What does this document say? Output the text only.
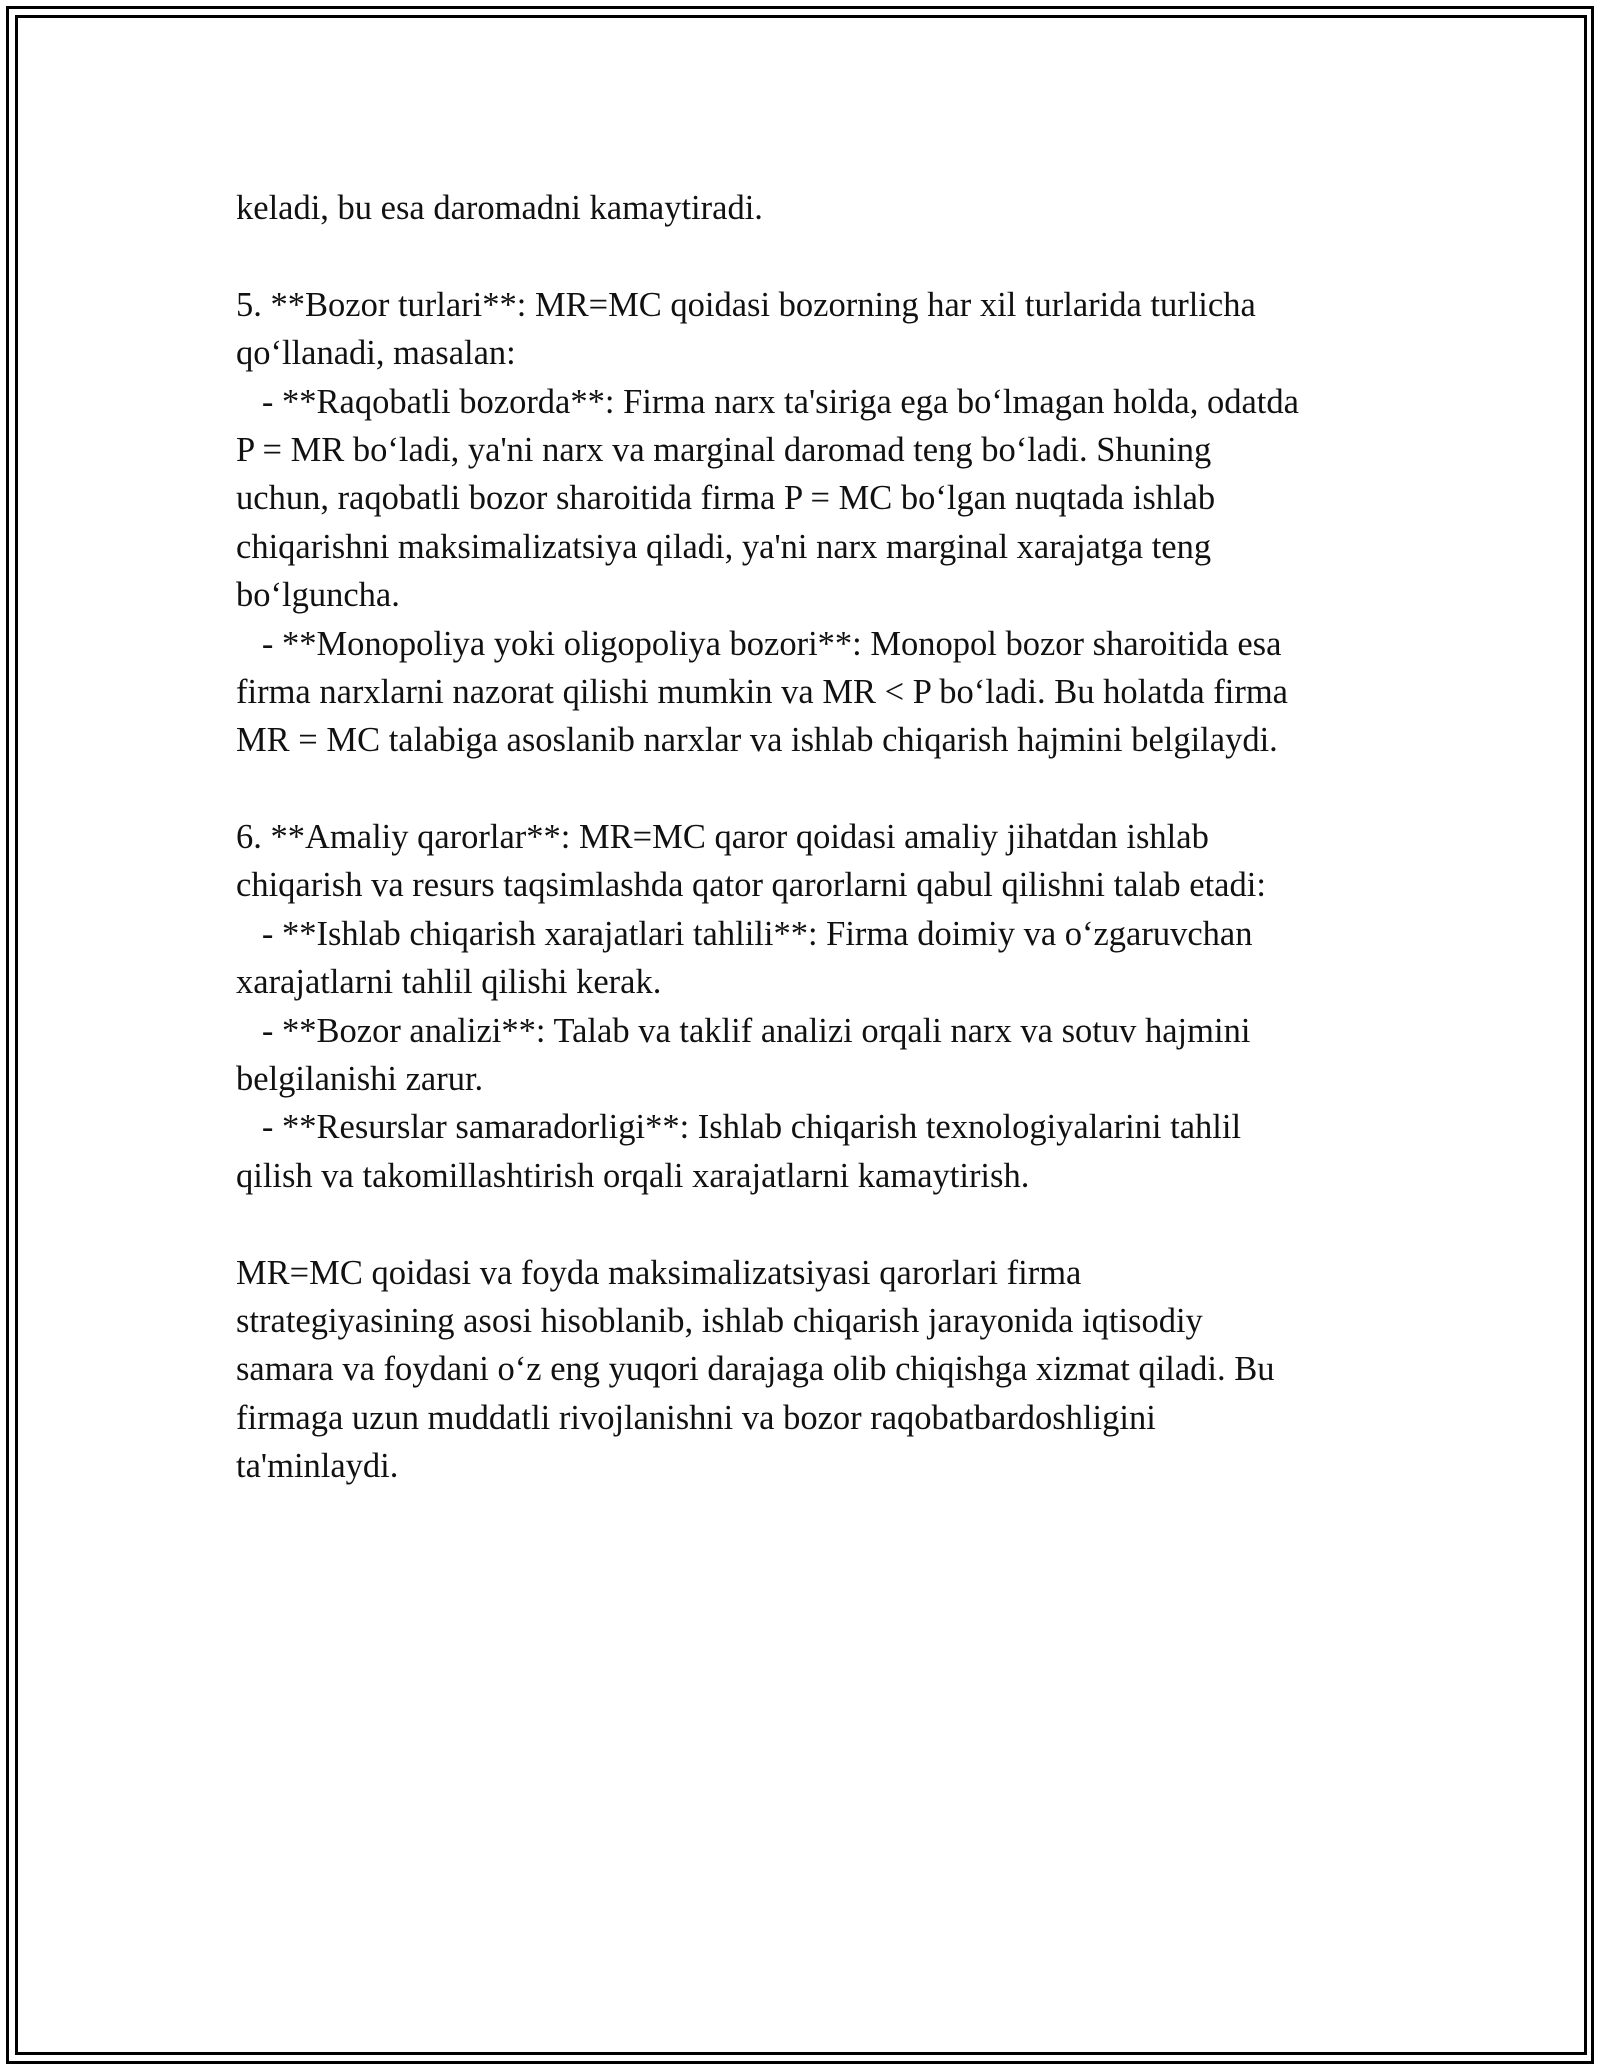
keladi, bu esa daromadni kamaytiradi.
5. **Bozor turlari**: MR=MC qoidasi bozorning har xil turlarida turlicha
qo‘llanadi, masalan:
- **Raqobatli bozorda**: Firma narx ta'siriga ega bo‘lmagan holda, odatda
P = MR bo‘ladi, ya'ni narx va marginal daromad teng bo‘ladi. Shuning
uchun, raqobatli bozor sharoitida firma P = MC bo‘lgan nuqtada ishlab
chiqarishni maksimalizatsiya qiladi, ya'ni narx marginal xarajatga teng
bo‘lguncha.
- **Monopoliya yoki oligopoliya bozori**: Monopol bozor sharoitida esa
firma narxlarni nazorat qilishi mumkin va MR < P bo‘ladi. Bu holatda firma
MR = MC talabiga asoslanib narxlar va ishlab chiqarish hajmini belgilaydi.
6. **Amaliy qarorlar**: MR=MC qaror qoidasi amaliy jihatdan ishlab
chiqarish va resurs taqsimlashda qator qarorlarni qabul qilishni talab etadi:
- **Ishlab chiqarish xarajatlari tahlili**: Firma doimiy va o‘zgaruvchan
xarajatlarni tahlil qilishi kerak.
- **Bozor analizi**: Talab va taklif analizi orqali narx va sotuv hajmini
belgilanishi zarur.
- **Resurslar samaradorligi**: Ishlab chiqarish texnologiyalarini tahlil
qilish va takomillashtirish orqali xarajatlarni kamaytirish.
MR=MC qoidasi va foyda maksimalizatsiyasi qarorlari firma
strategiyasining asosi hisoblanib, ishlab chiqarish jarayonida iqtisodiy
samara va foydani o‘z eng yuqori darajaga olib chiqishga xizmat qiladi. Bu
firmaga uzun muddatli rivojlanishni va bozor raqobatbardoshligini
ta'minlaydi.
